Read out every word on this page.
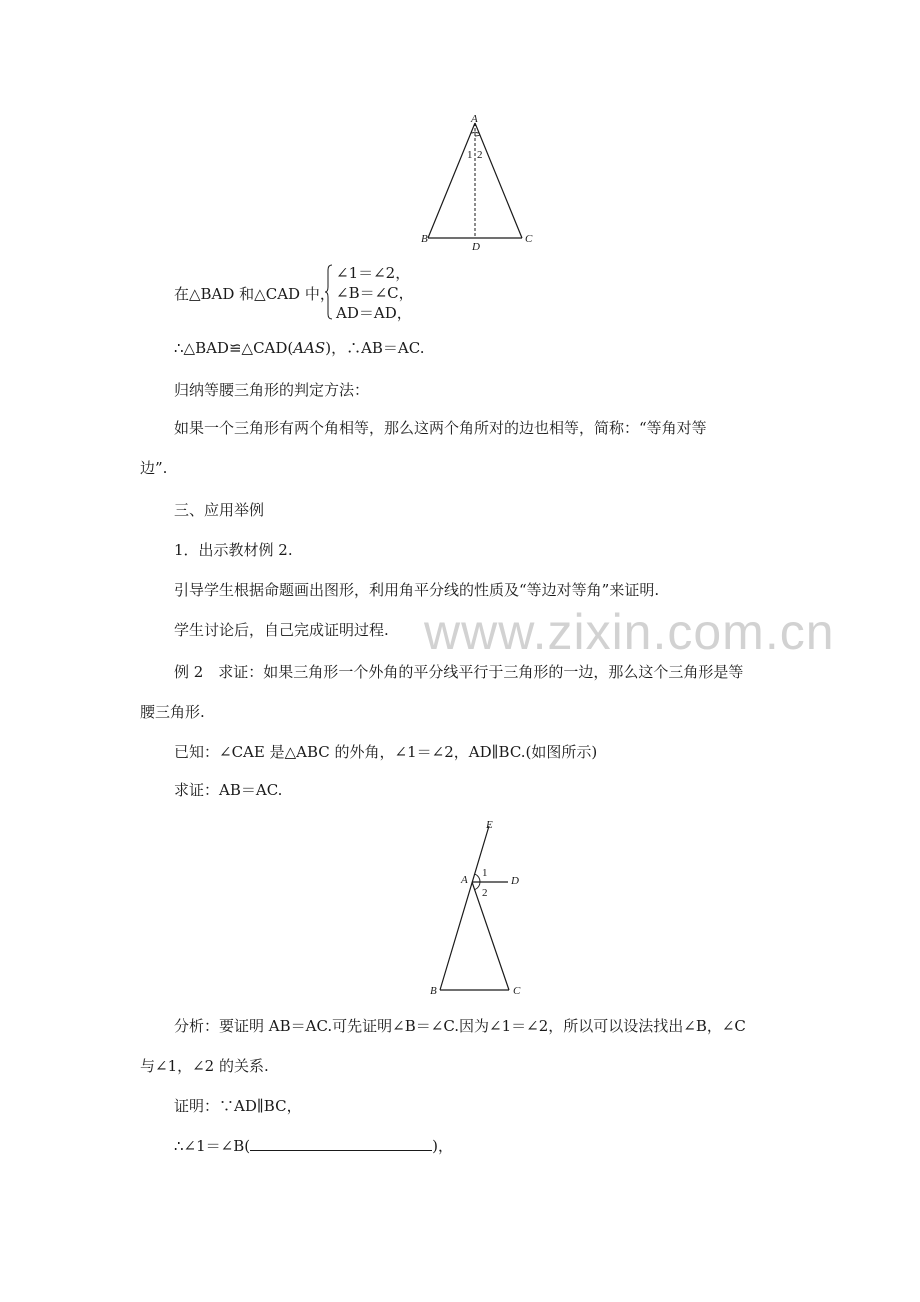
A
1 2
B
D
C
在△BAD 和△CAD 中，
∠1＝∠2，
∠B＝∠C，
AD＝AD，
∴△BAD≌△CAD(AAS)，∴AB＝AC.
归纳等腰三角形的判定方法：
如果一个三角形有两个角相等，那么这两个角所对的边也相等，简称：“等角对等
边”.
三、应用举例
1．出示教材例 2.
引导学生根据命题画出图形，利用角平分线的性质及“等边对等角”来证明.
学生讨论后，自己完成证明过程. www.zixin.com.cn
例 2　求证：如果三角形一个外角的平分线平行于三角形的一边，那么这个三角形是等
腰三角形.
已知：∠CAE 是△ABC 的外角，∠1＝∠2，AD∥BC.(如图所示)
求证：AB＝AC.
E
1
A	D
2
B	C
分析：要证明 AB＝AC.可先证明∠B＝∠C.因为∠1＝∠2，所以可以设法找出∠B，∠C
与∠1，∠2 的关系.
证明：∵AD∥BC，
∴∠1＝∠B(	)，
